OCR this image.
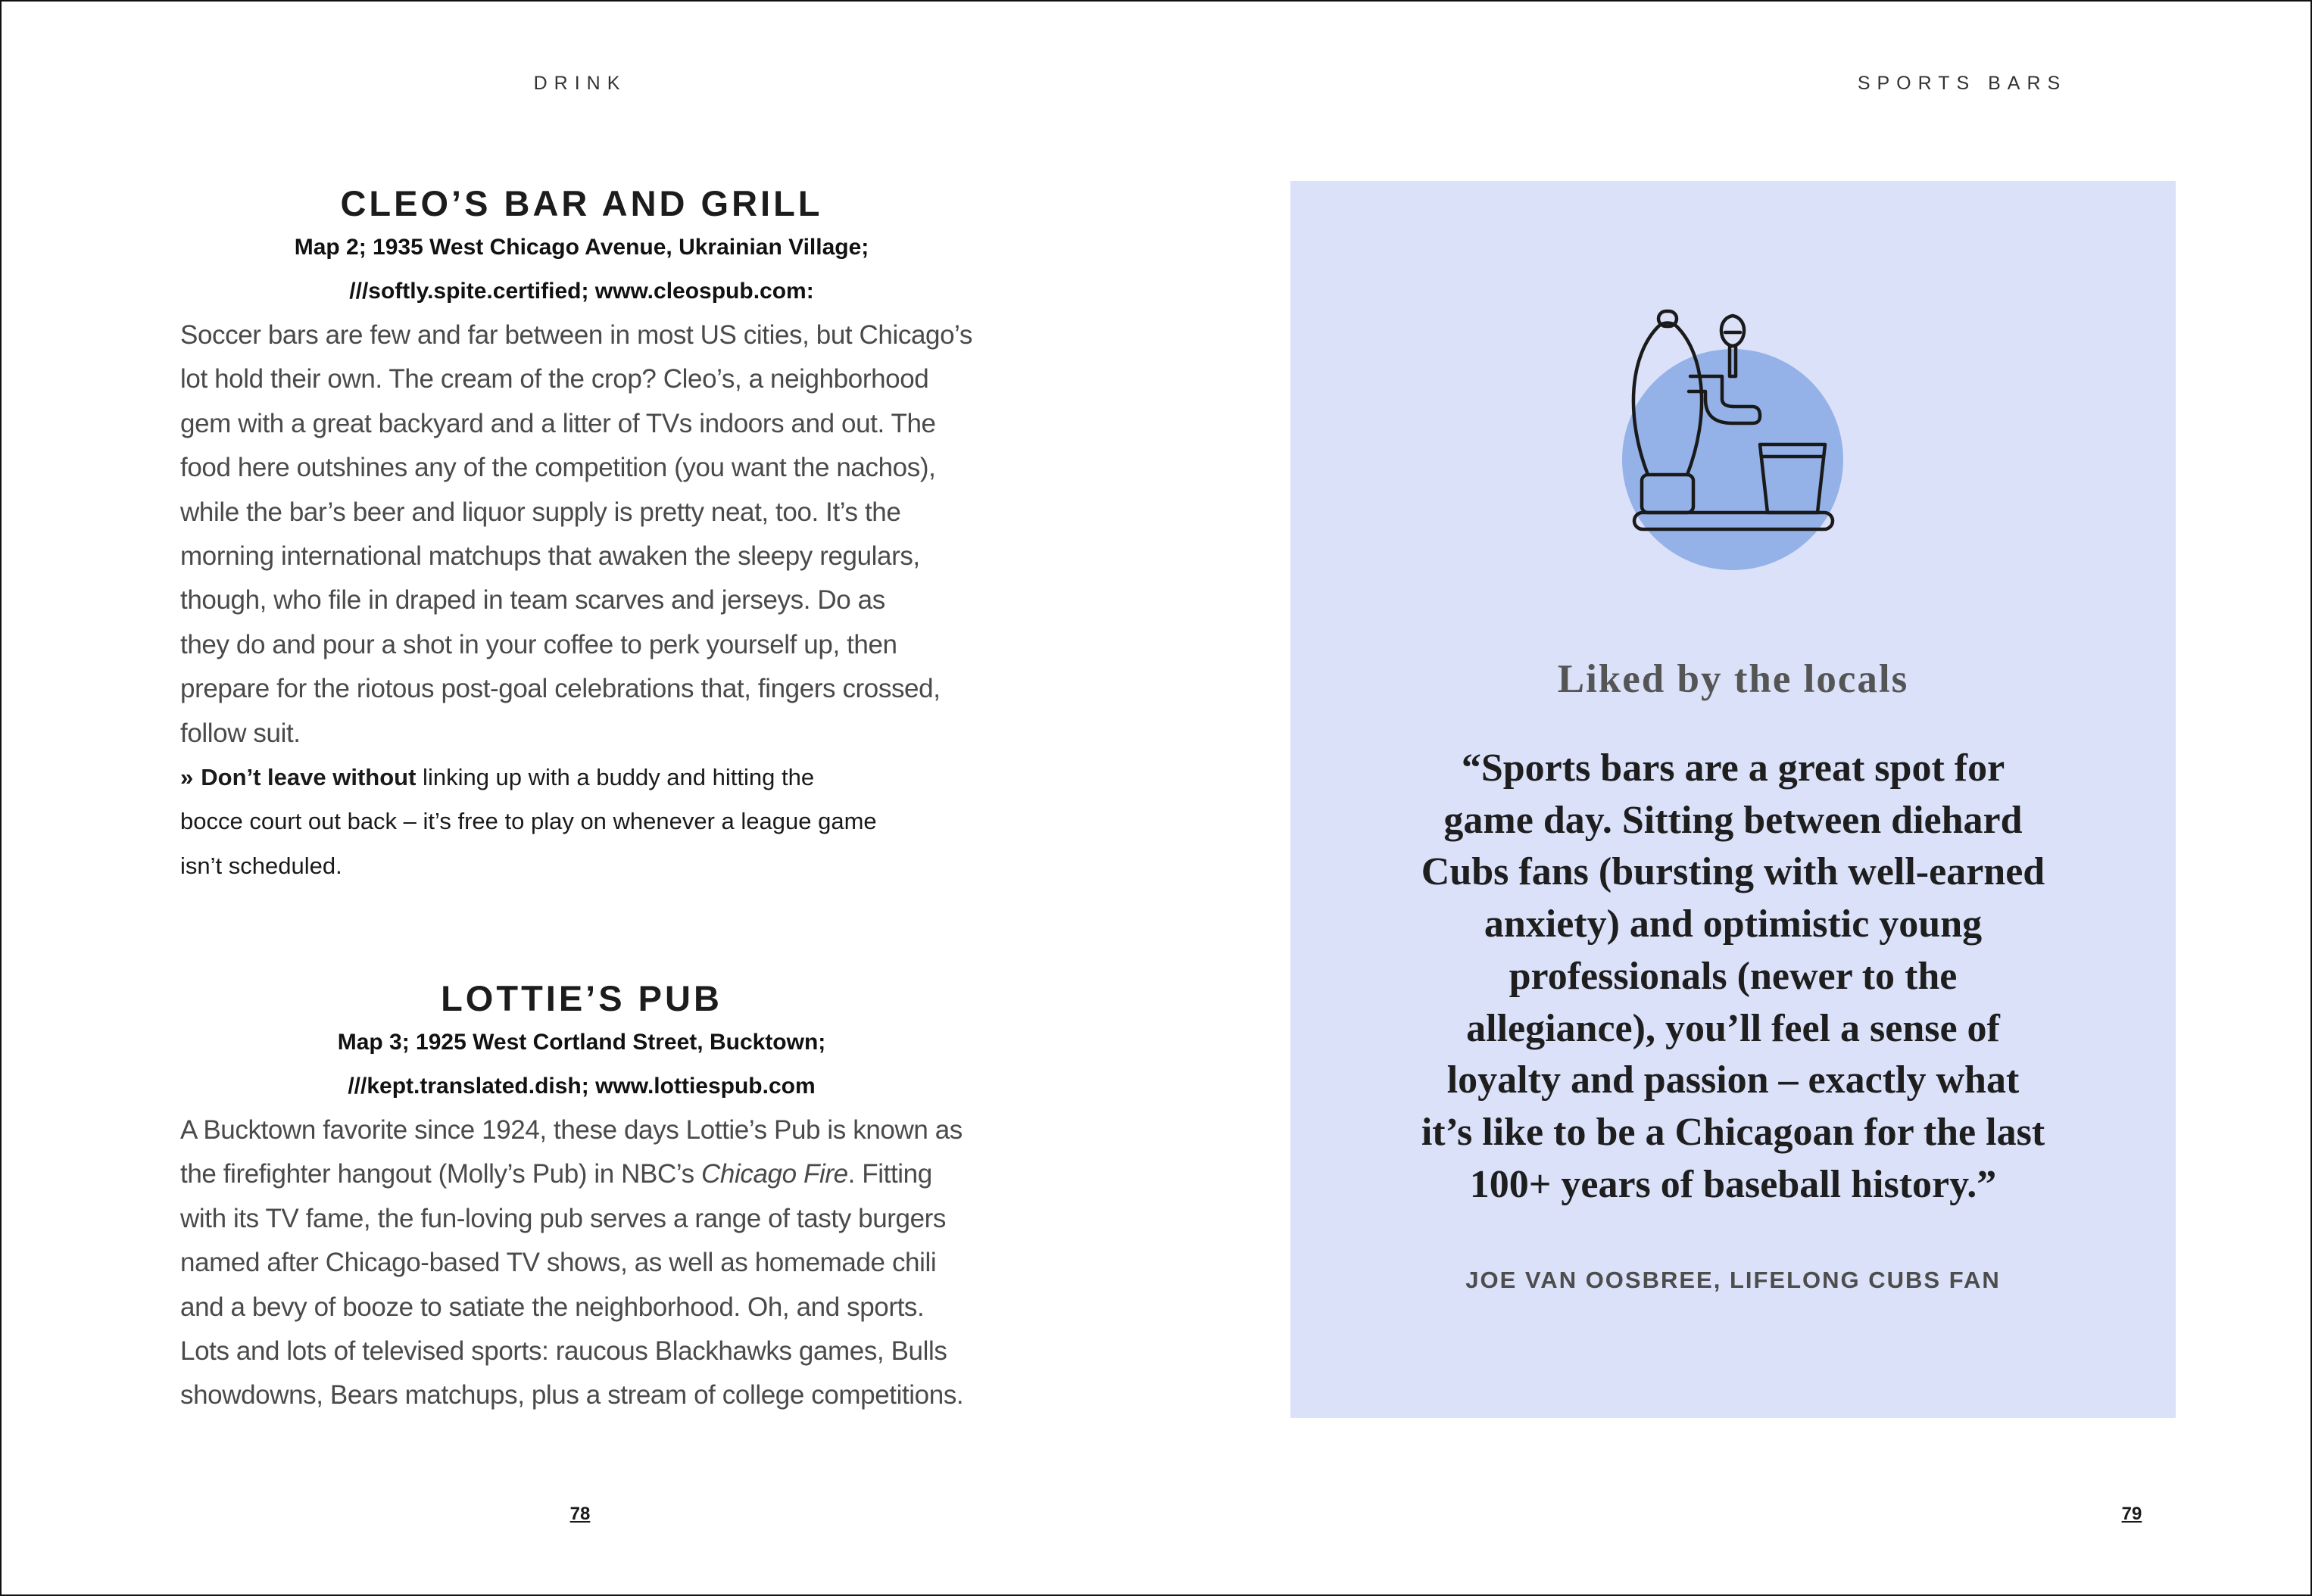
DRINK
CLEO’S BAR AND GRILL

Map 2; 1935 West Chicago Avenue, Ukrainian Village;

///softly.spite.certified; www.cleospub.com:

Soccer bars are few and far between in most US cities, but Chicago’s
lot hold their own. The cream of the crop? Cleo’s, a neighborhood
gem with a great backyard and a litter of TVs indoors and out. The
food here outshines any of the competition (you want the nachos),
while the bar’s beer and liquor supply is pretty neat, too. It’s the
morning international matchups that awaken the sleepy regulars,
though, who file in draped in team scarves and jerseys. Do as
they do and pour a shot in your coffee to perk yourself up, then
prepare for the riotous post-goal celebrations that, fingers crossed,
follow suit.
» Don’t leave without linking up with a buddy and hitting the
bocce court out back – it’s free to play on whenever a league game
isn’t scheduled.
LOTTIE’S PUB

Map 3; 1925 West Cortland Street, Bucktown;

///kept.translated.dish; www.lottiespub.com

A Bucktown favorite since 1924, these days Lottie’s Pub is known as
the firefighter hangout (Molly’s Pub) in NBC’s Chicago Fire. Fitting
with its TV fame, the fun-loving pub serves a range of tasty burgers
named after Chicago-based TV shows, as well as homemade chili
and a bevy of booze to satiate the neighborhood. Oh, and sports.
Lots and lots of televised sports: raucous Blackhawks games, Bulls
showdowns, Bears matchups, plus a stream of college competitions.
78
SPORTS BARS
79
Liked by the locals
“Sports bars are a great spot for
game day. Sitting between diehard
Cubs fans (bursting with well-earned
anxiety) and optimistic young
professionals (newer to the
allegiance), you’ll feel a sense of
loyalty and passion – exactly what
it’s like to be a Chicagoan for the last
100+ years of baseball history.”

JOE VAN OOSBREE, LIFELONG CUBS FAN
